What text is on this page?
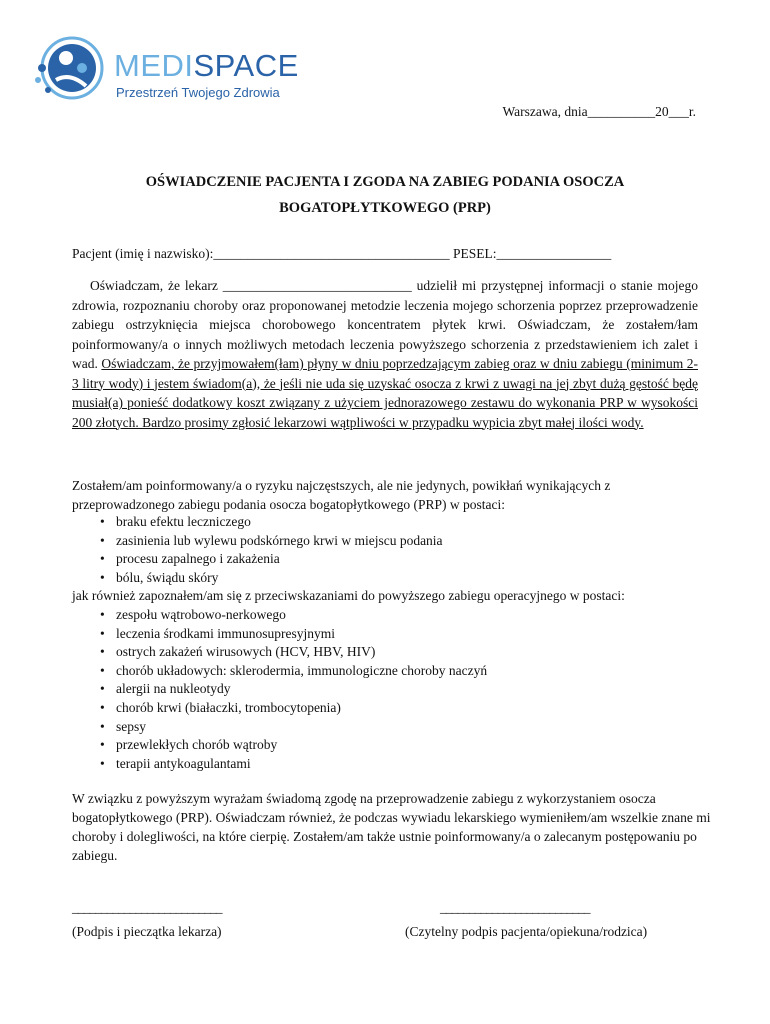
MEDISPACE
Przestrzeń Twojego Zdrowia
Warszawa, dnia__________20___r.
OŚWIADCZENIE PACJENTA I ZGODA NA ZABIEG PODANIA OSOCZA
BOGATOPŁYTKOWEGO (PRP)
Pacjent (imię i nazwisko):___________________________________ PESEL:_________________

Oświadczam, że lekarz ____________________________ udzielił mi przystępnej informacji o stanie mojego zdrowia, rozpoznaniu choroby oraz proponowanej metodzie leczenia mojego schorzenia poprzez przeprowadzenie zabiegu ostrzyknięcia miejsca chorobowego koncentratem płytek krwi. Oświadczam, że zostałem/łam poinformowany/a o innych możliwych metodach leczenia powyższego schorzenia z przedstawieniem ich zalet i wad. Oświadczam, że przyjmowałem(łam) płyny w dniu poprzedzającym zabieg oraz w dniu zabiegu (minimum 2-3 litry wody) i jestem świadom(a), że jeśli nie uda się uzyskać osocza z krwi z uwagi na jej zbyt dużą gęstość będę musiał(a) ponieść dodatkowy koszt związany z użyciem jednorazowego zestawu do wykonania PRP w wysokości 200 złotych. Bardzo prosimy zgłosić lekarzowi wątpliwości w przypadku wypicia zbyt małej ilości wody.

Zostałem/am poinformowany/a o ryzyku najczęstszych, ale nie jedynych, powikłań wynikających z przeprowadzonego zabiegu podania osocza bogatopłytkowego (PRP) w postaci:

• braku efektu leczniczego
• zasinienia lub wylewu podskórnego krwi w miejscu podania
• procesu zapalnego i zakażenia
• bólu, świądu skóry
jak również zapoznałem/am się z przeciwskazaniami do powyższego zabiegu operacyjnego w postaci:
• zespołu wątrobowo-nerkowego
• leczenia środkami immunosupresyjnymi
• ostrych zakażeń wirusowych (HCV, HBV, HIV)
• chorób układowych: sklerodermia, immunologiczne choroby naczyń
• alergii na nukleotydy
• chorób krwi (białaczki, trombocytopenia)
• sepsy
• przewlekłych chorób wątroby
• terapii antykoagulantami

W związku z powyższym wyrażam świadomą zgodę na przeprowadzenie zabiegu z wykorzystaniem osocza bogatopłytkowego (PRP). Oświadczam również, że podczas wywiadu lekarskiego wymieniłem/am wszelkie znane mi choroby i dolegliwości, na które cierpię. Zostałem/am także ustnie poinformowany/a o zalecanym postępowaniu po zabiegu.

__________________________	__________________________
(Podpis i pieczątka lekarza)	(Czytelny podpis pacjenta/opiekuna/rodzica)
